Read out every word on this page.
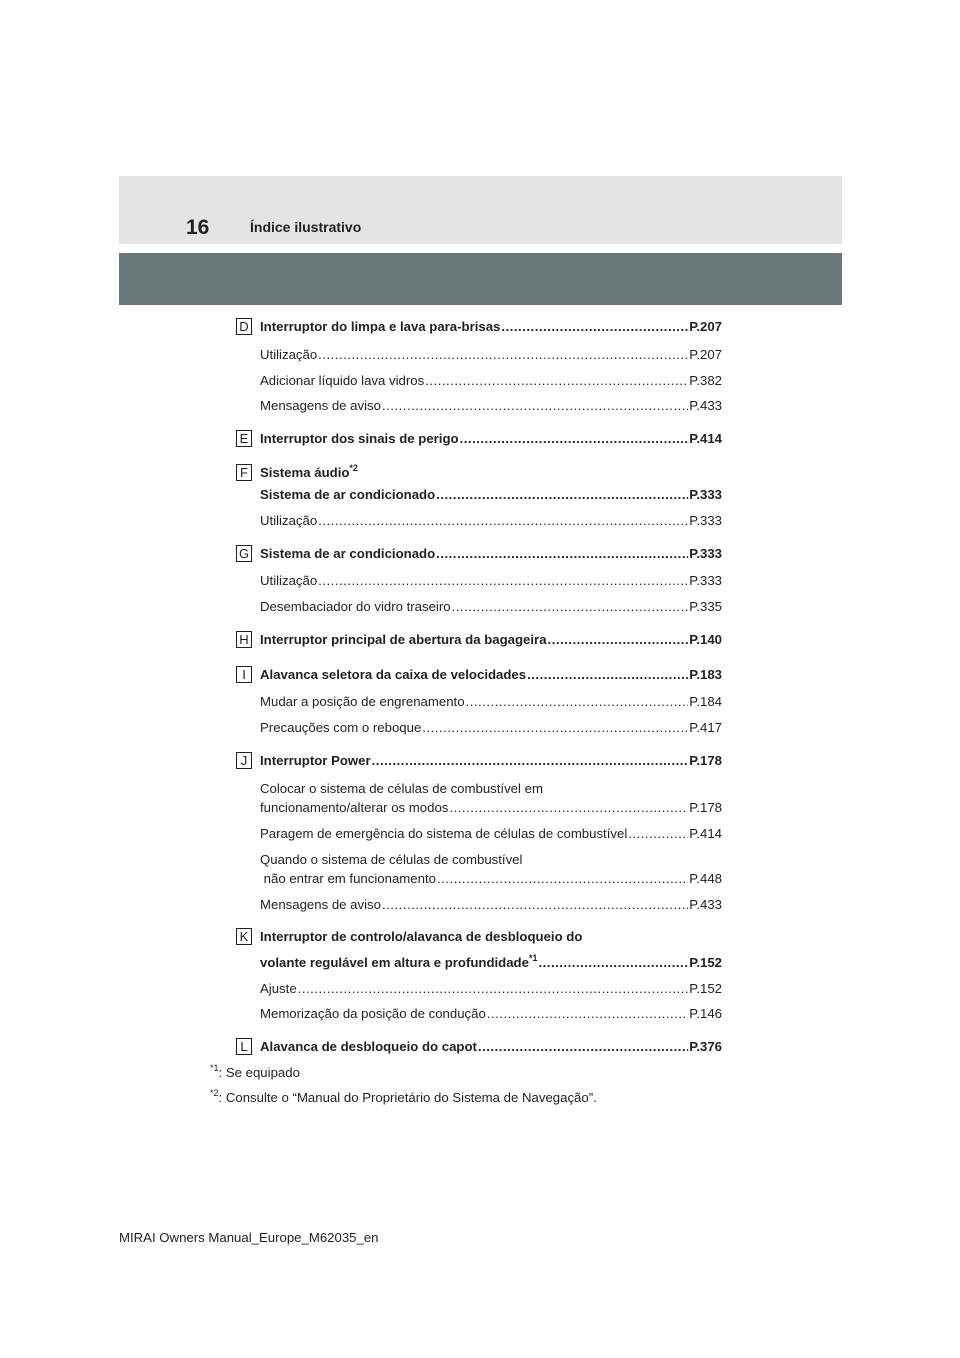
16	Índice ilustrativo
D Interruptor do limpa e lava para-brisas .....	P.207
Utilização .....	P.207
Adicionar líquido lava vidros .....	P.382
Mensagens de aviso .....	P.433
E Interruptor dos sinais de perigo .....	P.414
F Sistema áudio$^{*2}$
Sistema de ar condicionado .....	P.333
Utilização .....	P.333
G Sistema de ar condicionado .....	P.333
Utilização .....	P.333
Desembaciador do vidro traseiro .....	P.335
H Interruptor principal de abertura da bagageira .....	P.140
I	Alavanca seletora da caixa de velocidades .....	P.183
Mudar a posição de engrenamento .....	P.184
Precauções com o reboque .....	P.417
J Interruptor Power .....	P.178
Colocar o sistema de células de combustível em
funcionamento/alterar os modos .....	P.178
Paragem de emergência do sistema de células de combustível .....	P.414
Quando o sistema de células de combustível
não entrar em funcionamento .....	P.448
Mensagens de aviso .....	P.433
K Interruptor de controlo/alavanca de desbloqueio do
volante regulável em altura e profundidade$^{*1}$ .....	P.152
Ajuste .....	P.152
Memorização da posição de condução .....	P.146
L Alavanca de desbloqueio do capot .....	P.376
$^{*1}$: Se equipado
$^{*2}$: Consulte o “Manual do Proprietário do Sistema de Navegação”.
MIRAI Owners Manual_Europe_M62035_en
